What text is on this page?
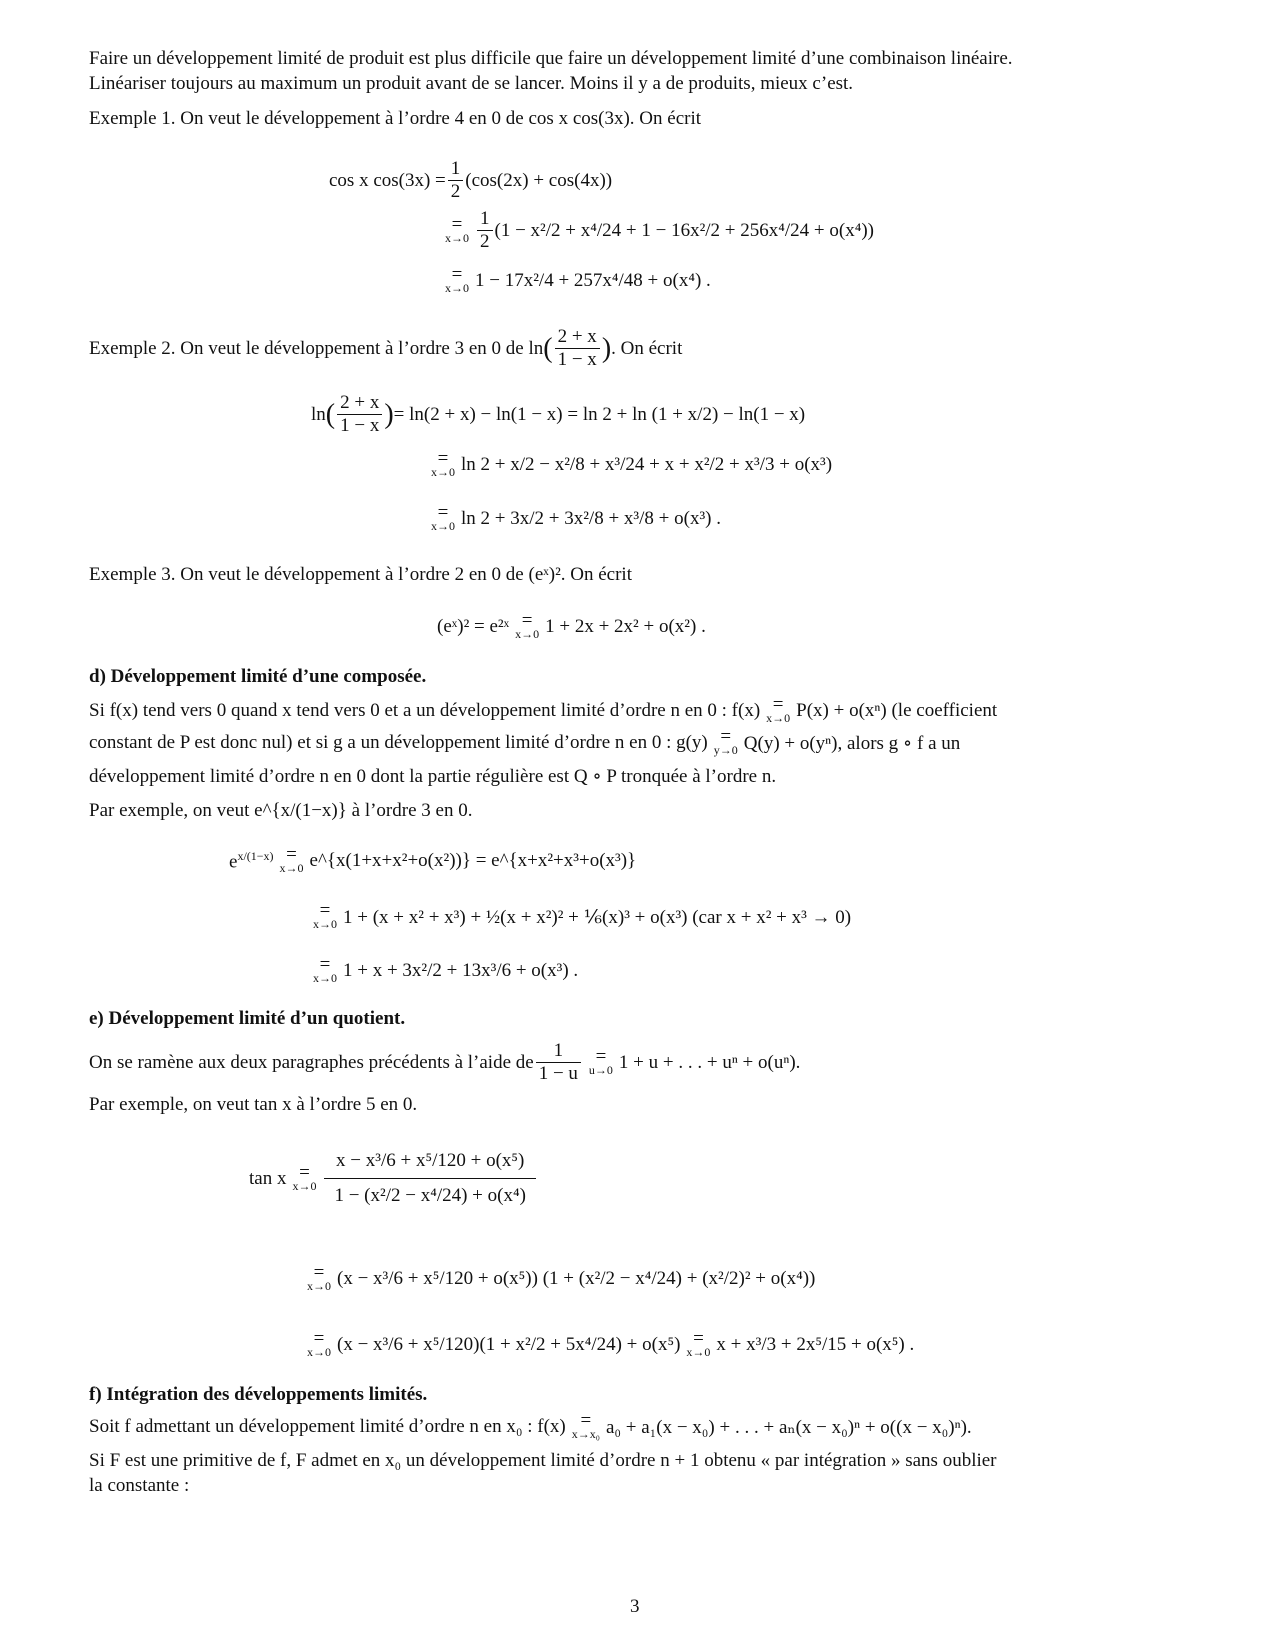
Faire un développement limité de produit est plus difficile que faire un développement limité d’une combinaison linéaire.

Linéariser toujours au maximum un produit avant de se lancer. Moins il y a de produits, mieux c’est.

Exemple 1. On veut le développement à l’ordre 4 en 0 de cos x cos(3x). On écrit

cos x $\cos(3x) = \frac{1}{2} (\cos(2x) + \cos(4x))$
=
x→0
1
2
(1 − x²/2 + x⁴/24 + 1 − 16x²/2 + 256x⁴/24 + o(x⁴))
=
x→0 1 − 17x²/4 + 257x⁴/48 + o(x⁴) .
Exemple 2. On veut le développement à l’ordre 3 en 0 de ln ( 2 + x
1 − x ) . On écrit
ln ( 2 + x
1 − x ) = ln(2 + x) − ln(1 − x) = ln 2 + ln (1 + x/2) − ln(1 − x)
=
x→0 ln 2 + x/2 − x²/8 + x³/24 + x + x²/2 + x³/3 + o(x³)
=
x→0 ln 2 + 3x/2 + 3x²/8 + x³/8 + o(x³) .

Exemple 3. On veut le développement à l’ordre 2 en 0 de (eˣ)². On écrit

(eˣ)² = e²ˣ =
x→0 1 + 2x + 2x² + o(x²) .

d) Développement limité d’une composée.

Si f(x) tend vers 0 quand x tend vers 0 et a un développement limité d’ordre n en 0 : f(x) =
x→0 P(x) + o(xⁿ) (le coefficient
constant de P est donc nul) et si g a un développement limité d’ordre n en 0 : g(y) =
y→0 Q(y) + o(yⁿ), alors g ∘ f a un

développement limité d’ordre n en 0 dont la partie régulière est Q ∘ P tronquée à l’ordre n.

Par exemple, on veut e^{x/(1−x)} à l’ordre 3 en 0.

$e^{x/(1-x)}$ =
x→0 e^{x(1+x+x²+o(x²))} = e^{x+x²+x³+o(x³)}
=
x→0 1 + (x + x² + x³) + ½(x + x²)² + ⅙(x)³ + o(x³) (car x + x² + x³ → 0)
=
x→0 1 + x + 3x²/2 + 13x³/6 + o(x³) .

e) Développement limité d’un quotient.

On se ramène aux deux paragraphes précédents à l’aide de $\frac{1}{1 - u}$ =
u→0 1 + u + . . . + uⁿ + o(uⁿ).

Par exemple, on veut tan x à l’ordre 5 en 0.

tan x =
$x\to 0 \frac{\text{x − x³/6 + x⁵/120 + o(x⁵)}}{\text{1 − (x²/2 − x⁴/24) + o(x⁴)}}$
=
x→0 (x − x³/6 + x⁵/120 + o(x⁵)) (1 + (x²/2 − x⁴/24) + (x²/2)² + o(x⁴))
=
x→0 (x − x³/6 + x⁵/120)(1 + x²/2 + 5x⁴/24) + o(x⁵) =
x→0 x + x³/3 + 2x⁵/15 + o(x⁵) .

f) Intégration des développements limités.

Soit f admettant un développement limité d’ordre n en x₀ : f(x) =
x→x₀ a₀ + a₁(x − x₀) + . . . + aₙ(x − x₀)ⁿ + o((x − x₀)ⁿ).

Si F est une primitive de f, F admet en x₀ un développement limité d’ordre n + 1 obtenu « par intégration » sans oublier

la constante :

3
